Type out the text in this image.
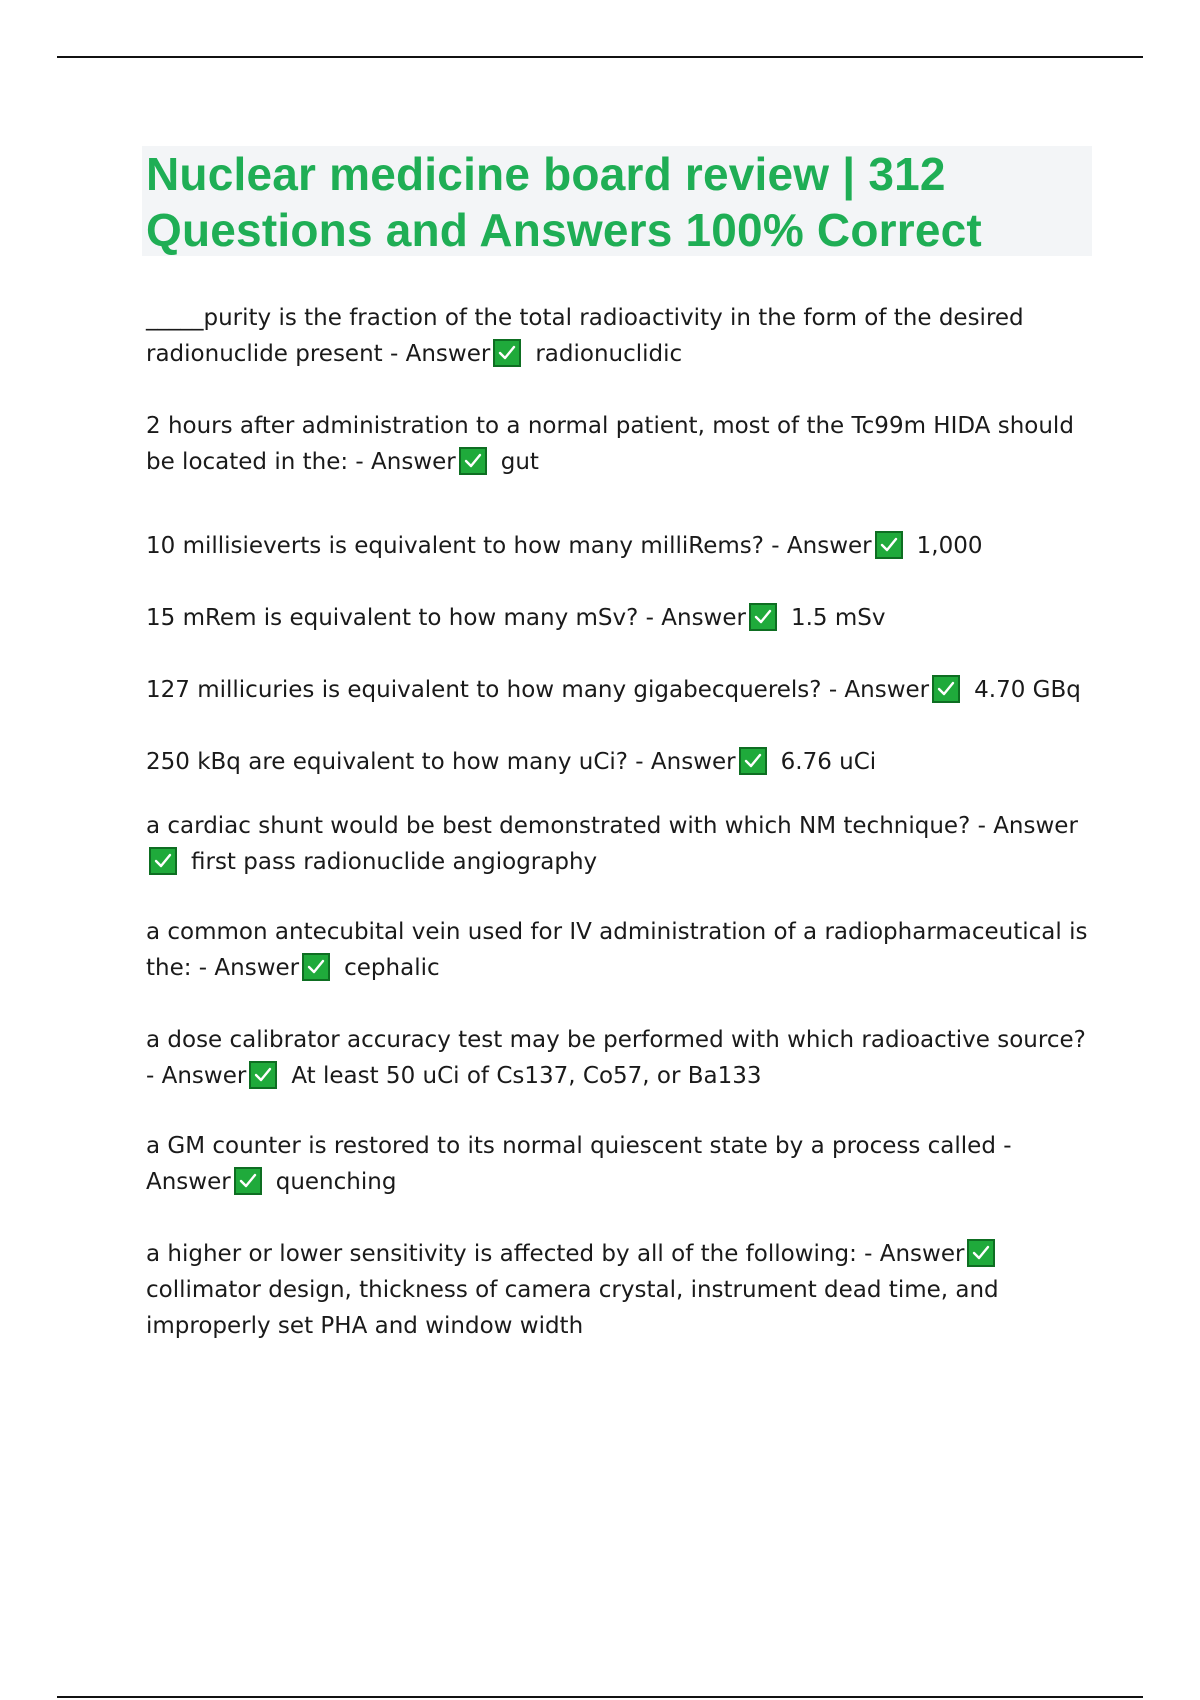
Nuclear medicine board review | 312 Questions and Answers 100% Correct

_____purity is the fraction of the total radioactivity in the form of the desired radionuclide present - Answer radionuclidic

2 hours after administration to a normal patient, most of the Tc99m HIDA should be located in the: - Answer gut

10 millisieverts is equivalent to how many milliRems? - Answer 1,000

15 mRem is equivalent to how many mSv? - Answer 1.5 mSv

127 millicuries is equivalent to how many gigabecquerels? - Answer 4.70 GBq

250 kBq are equivalent to how many uCi? - Answer 6.76 uCi

a cardiac shunt would be best demonstrated with which NM technique? - Answer
first pass radionuclide angiography

a common antecubital vein used for IV administration of a radiopharmaceutical is the: - Answer cephalic

a dose calibrator accuracy test may be performed with which radioactive source? - Answer At least 50 uCi of Cs137, Co57, or Ba133

a GM counter is restored to its normal quiescent state by a process called - Answer quenching

a higher or lower sensitivity is affected by all of the following: - Answer
collimator design, thickness of camera crystal, instrument dead time, and improperly set PHA and window width
